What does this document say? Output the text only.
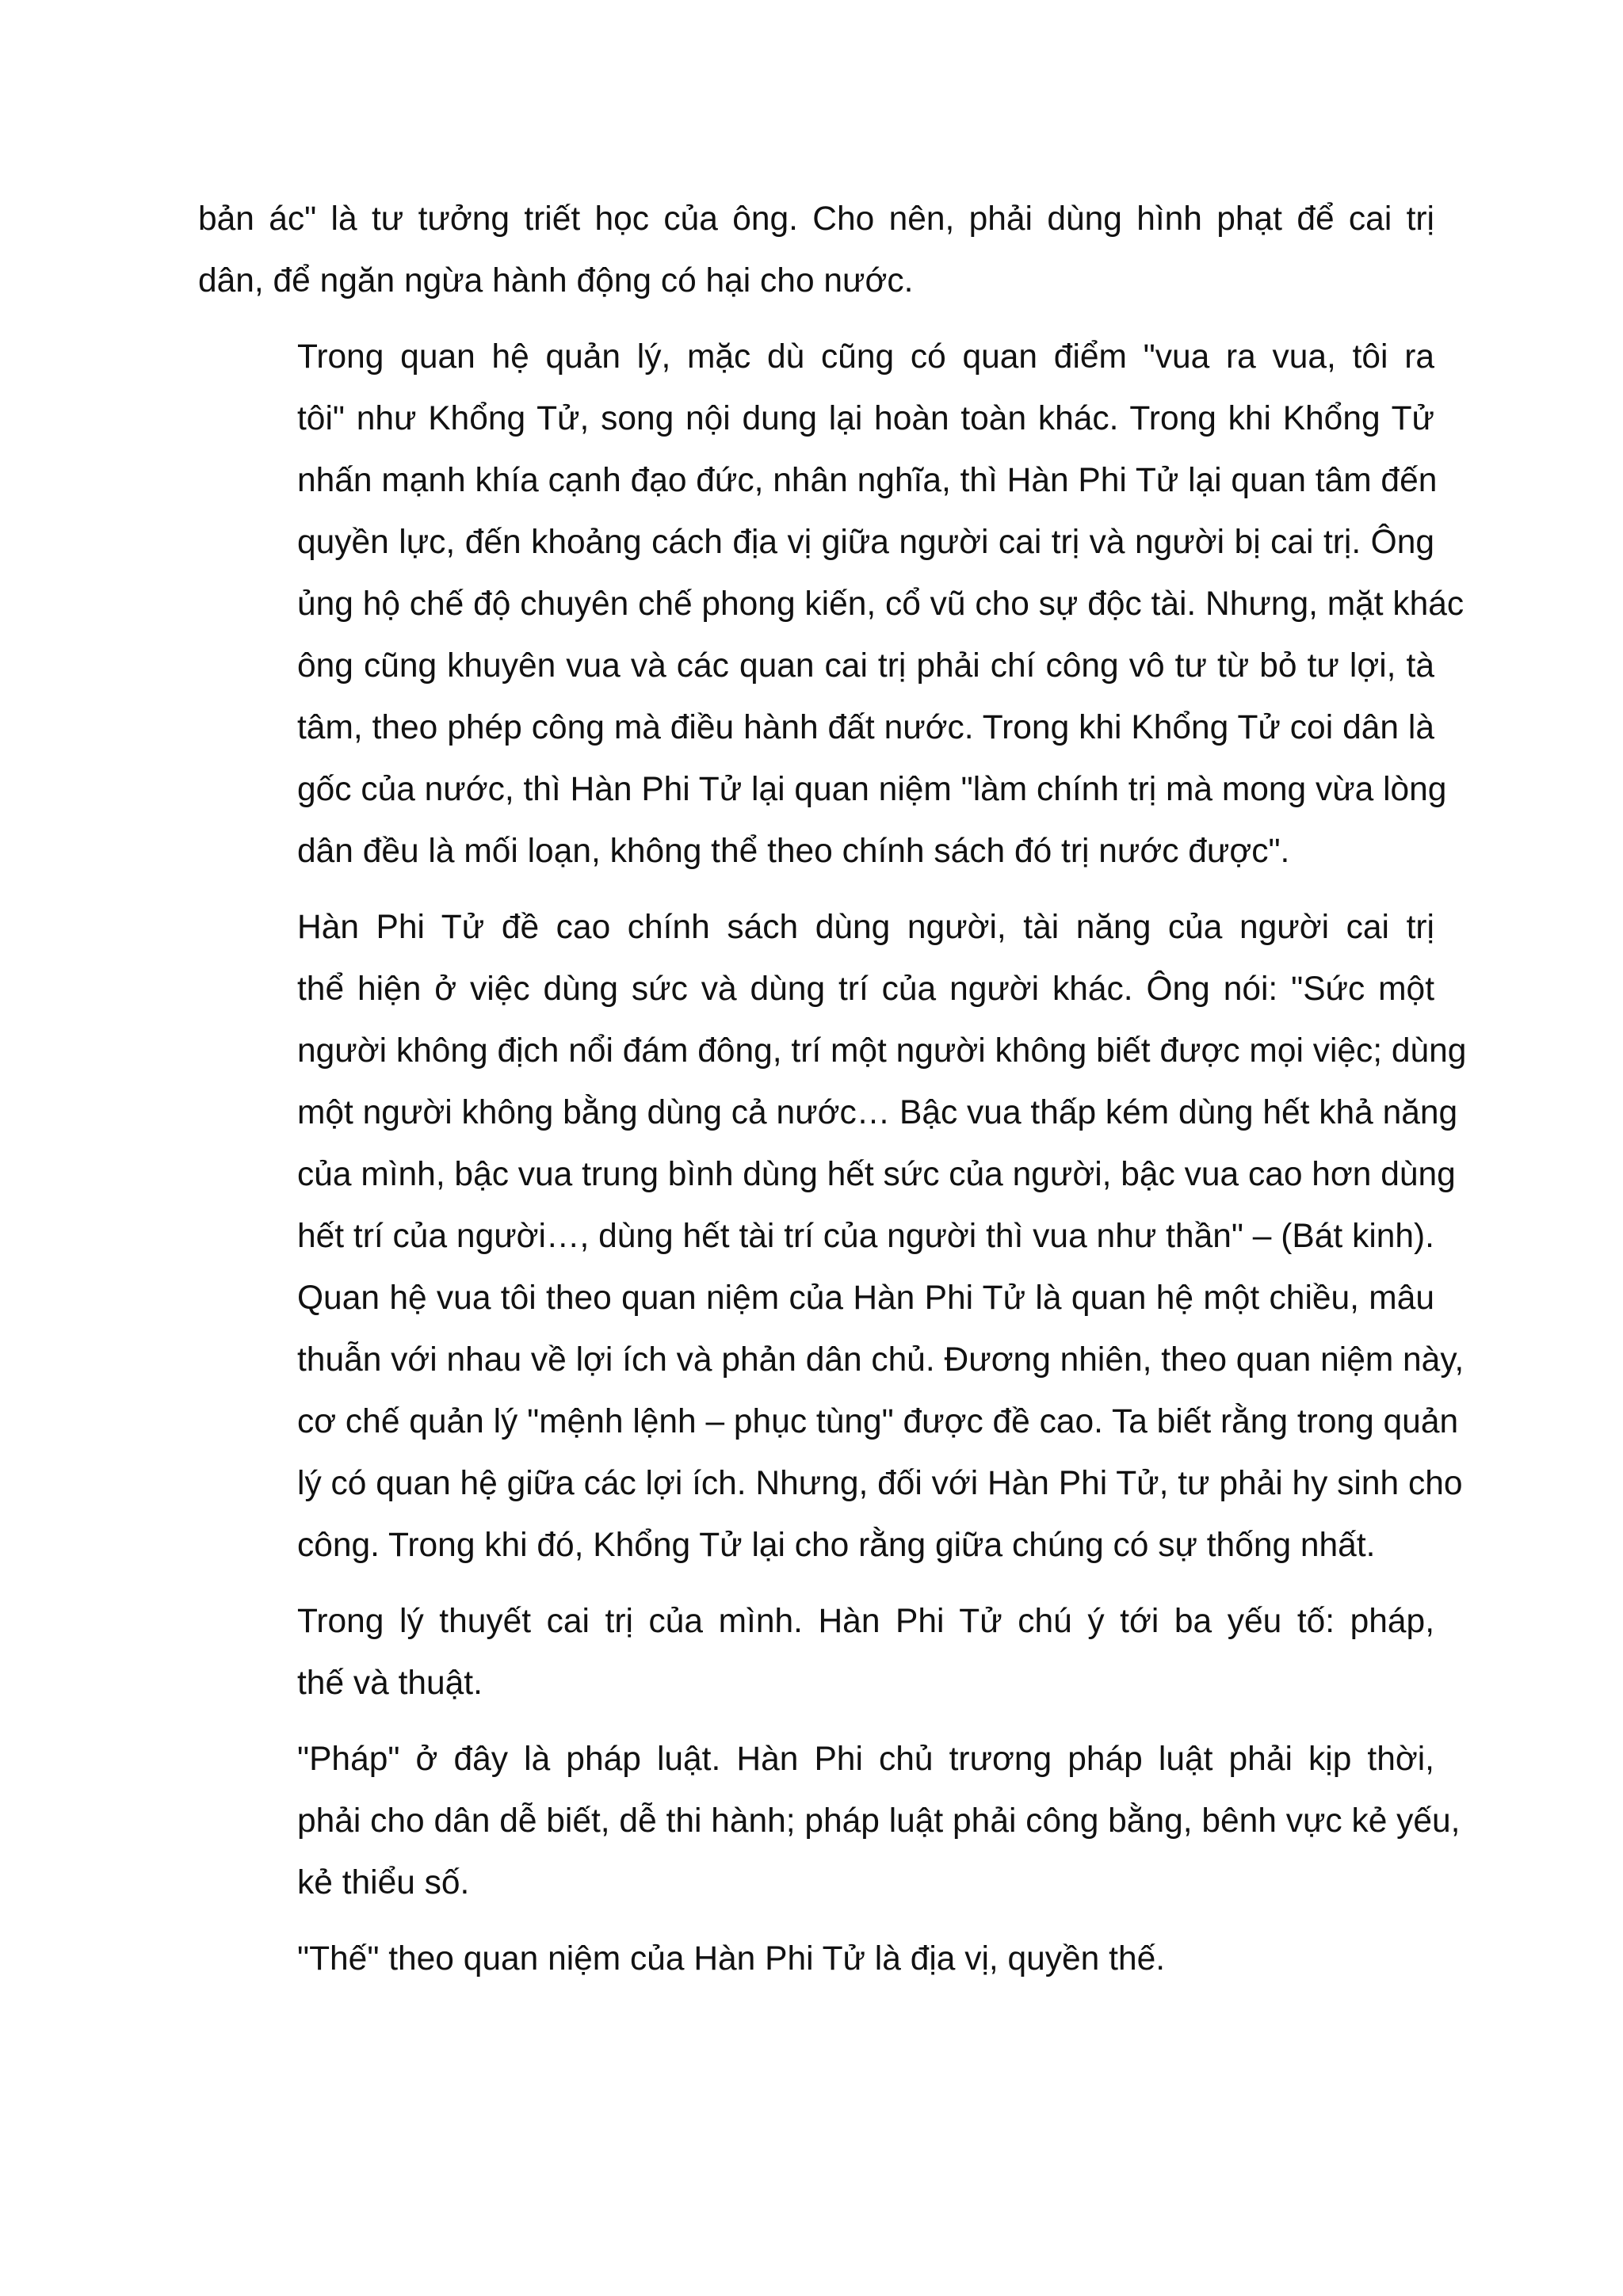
bản ác" là tư tưởng triết học của ông. Cho nên, phải dùng hình phạt để cai trị
dân, để ngăn ngừa hành động có hại cho nước.
Trong quan hệ quản lý, mặc dù cũng có quan điểm "vua ra vua, tôi ra
tôi" như Khổng Tử, song nội dung lại hoàn toàn khác. Trong khi Khổng Tử
nhấn mạnh khía cạnh đạo đức, nhân nghĩa, thì Hàn Phi Tử lại quan tâm đến
quyền lực, đến khoảng cách địa vị giữa người cai trị và người bị cai trị. Ông
ủng hộ chế độ chuyên chế phong kiến, cổ vũ cho sự độc tài. Nhưng, mặt khác
ông cũng khuyên vua và các quan cai trị phải chí công vô tư từ bỏ tư lợi, tà
tâm, theo phép công mà điều hành đất nước. Trong khi Khổng Tử coi dân là
gốc của nước, thì Hàn Phi Tử lại quan niệm "làm chính trị mà mong vừa lòng
dân đều là mối loạn, không thể theo chính sách đó trị nước được".
Hàn Phi Tử đề cao chính sách dùng người, tài năng của người cai trị
thể hiện ở việc dùng sức và dùng trí của người khác. Ông nói: "Sức một
người không địch nổi đám đông, trí một người không biết được mọi việc; dùng
một người không bằng dùng cả nước… Bậc vua thấp kém dùng hết khả năng
của mình, bậc vua trung bình dùng hết sức của người, bậc vua cao hơn dùng
hết trí của người…, dùng hết tài trí của người thì vua như thần" – (Bát kinh).
Quan hệ vua tôi theo quan niệm của Hàn Phi Tử là quan hệ một chiều, mâu
thuẫn với nhau về lợi ích và phản dân chủ. Đương nhiên, theo quan niệm này,
cơ chế quản lý "mệnh lệnh – phục tùng" được đề cao. Ta biết rằng trong quản
lý có quan hệ giữa các lợi ích. Nhưng, đối với Hàn Phi Tử, tư phải hy sinh cho
công. Trong khi đó, Khổng Tử lại cho rằng giữa chúng có sự thống nhất.
Trong lý thuyết cai trị của mình. Hàn Phi Tử chú ý tới ba yếu tố: pháp,
thế và thuật.
"Pháp" ở đây là pháp luật. Hàn Phi chủ trương pháp luật phải kịp thời,
phải cho dân dễ biết, dễ thi hành; pháp luật phải công bằng, bênh vực kẻ yếu,
kẻ thiểu số.
"Thế" theo quan niệm của Hàn Phi Tử là địa vị, quyền thế.
